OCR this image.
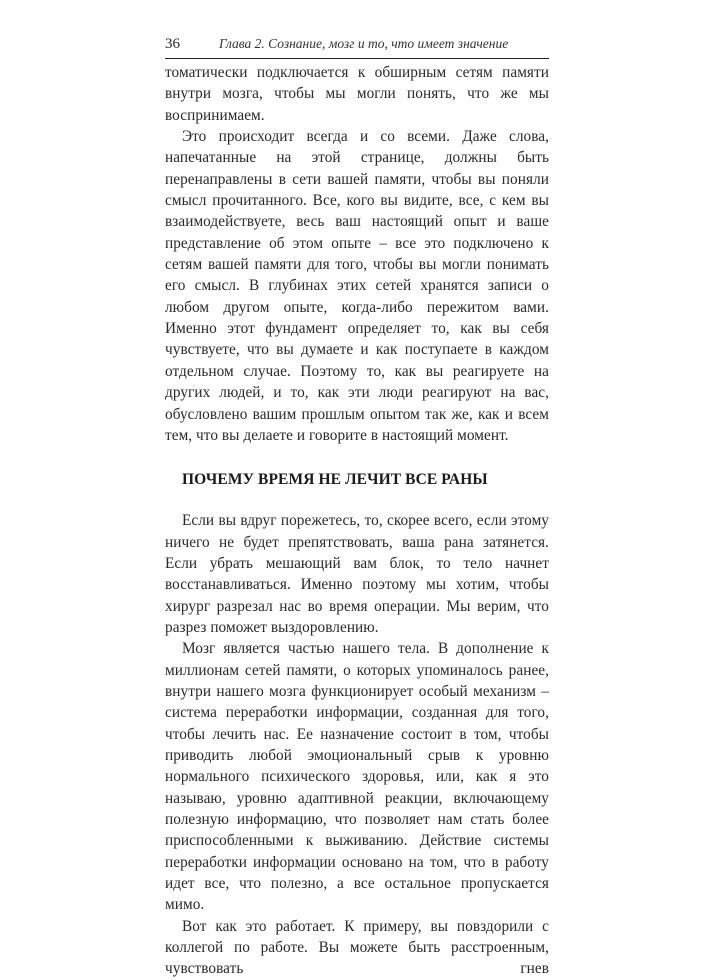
36	Глава 2. Сознание, мозг и то, что имеет значение

томатически подключается к обширным сетям памяти внутри мозга, чтобы мы могли понять, что же мы воспринимаем.

Это происходит всегда и со всеми. Даже слова, напечатанные на этой странице, должны быть перенаправлены в сети вашей памяти, чтобы вы поняли смысл прочитанного. Все, кого вы видите, все, с кем вы взаимодействуете, весь ваш настоящий опыт и ваше представление об этом опыте – все это подключено к сетям вашей памяти для того, чтобы вы могли понимать его смысл. В глубинах этих сетей хранятся записи о любом другом опыте, когда-либо пережитом вами. Именно этот фундамент определяет то, как вы себя чувствуете, что вы думаете и как поступаете в каждом отдельном случае. Поэтому то, как вы реагируете на других людей, и то, как эти люди реагируют на вас, обусловлено вашим прошлым опытом так же, как и всем тем, что вы делаете и говорите в настоящий момент.

ПОЧЕМУ ВРЕМЯ НЕ ЛЕЧИТ ВСЕ РАНЫ

Если вы вдруг порежетесь, то, скорее всего, если этому ничего не будет препятствовать, ваша рана затянется. Если убрать мешающий вам блок, то тело начнет восстанавливаться. Именно поэтому мы хотим, чтобы хирург разрезал нас во время операции. Мы верим, что разрез поможет выздоровлению.

Мозг является частью нашего тела. В дополнение к миллионам сетей памяти, о которых упоминалось ранее, внутри нашего мозга функционирует особый механизм – система переработки информации, созданная для того, чтобы лечить нас. Ее назначение состоит в том, чтобы приводить любой эмоциональный срыв к уровню нормального психического здоровья, или, как я это называю, уровню адаптивной реакции, включающему полезную информацию, что позволяет нам стать более приспособленными к выживанию. Действие системы переработки информации основано на том, что в работу идет все, что полезно, а все остальное пропускается мимо.

Вот как это работает. К примеру, вы повздорили с коллегой по работе. Вы можете быть расстроенным, чувствовать гнев
